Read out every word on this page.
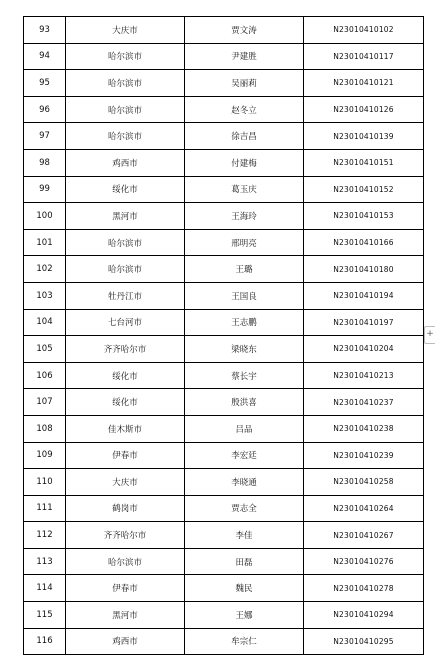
93	大庆市	贾文涛	N23010410102
94	哈尔滨市	尹建胜	N23010410117
95	哈尔滨市	吴丽莉	N23010410121
96	哈尔滨市	赵冬立	N23010410126
97	哈尔滨市	徐吉昌	N23010410139
98	鸡西市	付建梅	N23010410151
99	绥化市	葛玉庆	N23010410152
100	黑河市	王海玲	N23010410153
101	哈尔滨市	邢明亮	N23010410166
102	哈尔滨市	王璐	N23010410180
103	牡丹江市	王国良	N23010410194
104	七台河市	王志鹏	N23010410197
105	齐齐哈尔市	梁晓东	N23010410204
106	绥化市	蔡长宇	N23010410213
107	绥化市	殷洪喜	N23010410237
108	佳木斯市	吕品	N23010410238
109	伊春市	李宏廷	N23010410239
110	大庆市	李晓通	N23010410258
111	鹤岗市	贾志全	N23010410264
112	齐齐哈尔市	李佳	N23010410267
113	哈尔滨市	田磊	N23010410276
114	伊春市	魏民	N23010410278
115	黑河市	王娜	N23010410294
116	鸡西市	牟宗仁	N23010410295
+
